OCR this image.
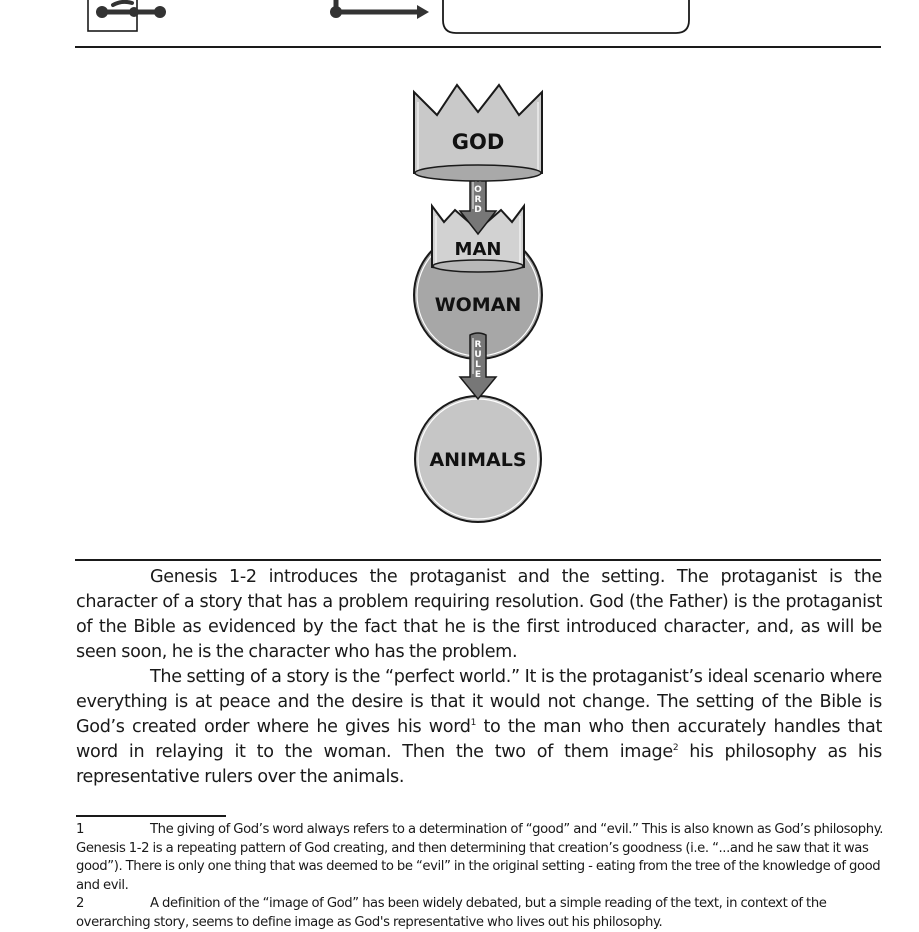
ANIMALS
WOMAN
R
U
L
E
MAN
O
R
D
GOD

Genesis 1-2 introduces the protaganist and the setting. The protaganist is the character of a story that has a problem requiring resolution. God (the Father) is the protaganist of the Bible as evidenced by the fact that he is the first introduced character, and, as will be seen soon, he is the character who has the problem.

The setting of a story is the “perfect world.” It is the protaganist’s ideal scenario where everything is at peace and the desire is that it would not change. The setting of the Bible is God’s created order where he gives his word$^1$ to the man who then accurately handles that word in relaying it to the woman. Then the two of them image$^2$ his philosophy as his representative rulers over the animals.

1	The giving of God’s word always refers to a determination of “good” and “evil.” This is also known as God’s philosophy. Genesis 1-2 is a repeating pattern of God creating, and then determining that creation’s goodness (i.e. “...and he saw that it was good”). There is only one thing that was deemed to be “evil” in the original setting - eating from the tree of the knowledge of good and evil.

2	A definition of the “image of God” has been widely debated, but a simple reading of the text, in context of the overarching story, seems to define image as God's representative who lives out his philosophy.
